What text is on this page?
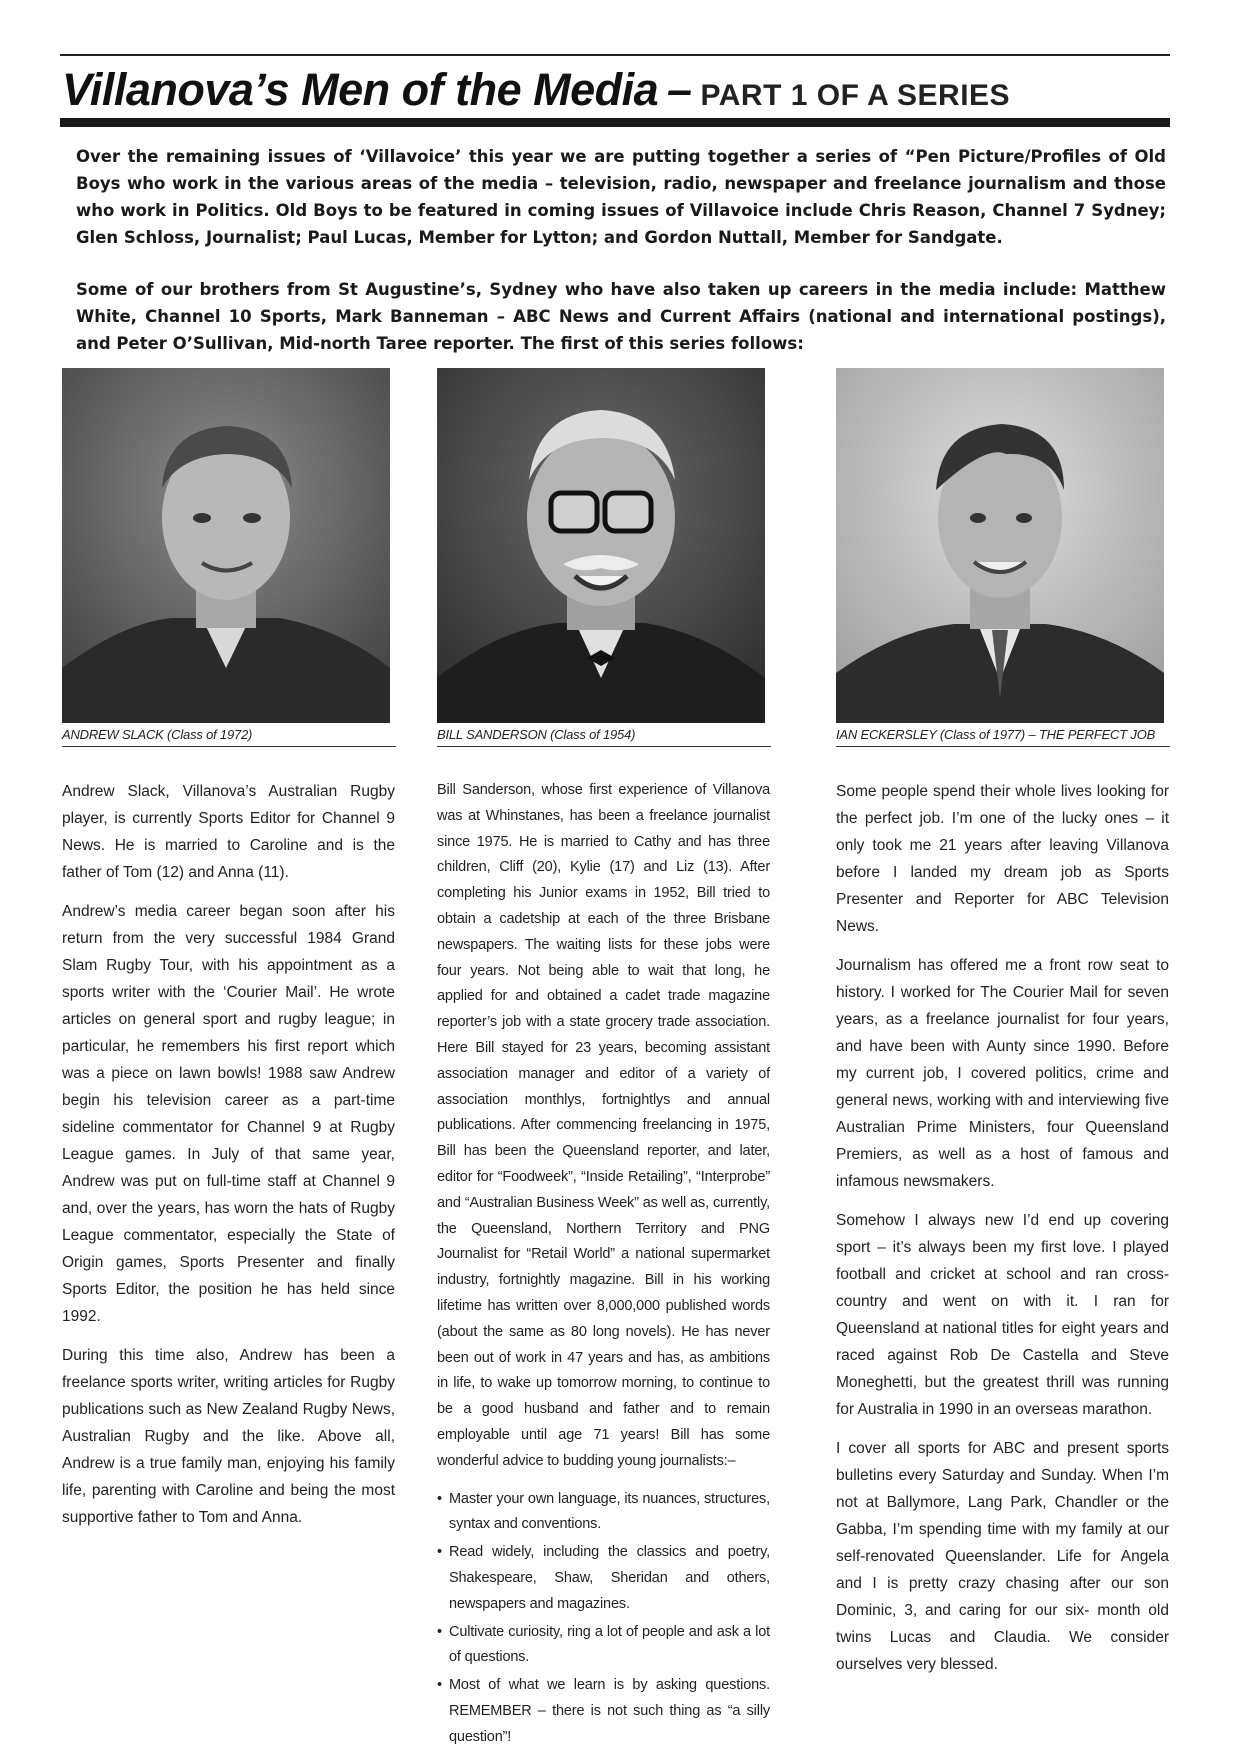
Villanova’s Men of the Media – PART 1 OF A SERIES

Over the remaining issues of ‘Villavoice’ this year we are putting together a series of “Pen Picture/Profiles of Old Boys who work in the various areas of the media – television, radio, newspaper and freelance journalism and those who work in Politics. Old Boys to be featured in coming issues of Villavoice include Chris Reason, Channel 7 Sydney; Glen Schloss, Journalist; Paul Lucas, Member for Lytton; and Gordon Nuttall, Member for Sandgate.

Some of our brothers from St Augustine’s, Sydney who have also taken up careers in the media include: Matthew White, Channel 10 Sports, Mark Banneman – ABC News and Current Affairs (national and international postings), and Peter O’Sullivan, Mid-north Taree reporter. The first of this series follows:

ANDREW SLACK (Class of 1972)	BILL SANDERSON (Class of 1954)	IAN ECKERSLEY (Class of 1977) – THE PERFECT JOB

Andrew Slack, Villanova’s Australian Rugby player, is currently Sports Editor for Channel 9 News. He is married to Caroline and is the father of Tom (12) and Anna (11).

Andrew’s media career began soon after his return from the very successful 1984 Grand Slam Rugby Tour, with his appointment as a sports writer with the ‘Courier Mail’. He wrote articles on general sport and rugby league; in particular, he remembers his first report which was a piece on lawn bowls! 1988 saw Andrew begin his television career as a part-time sideline commentator for Channel 9 at Rugby League games. In July of that same year, Andrew was put on full-time staff at Channel 9 and, over the years, has worn the hats of Rugby League commentator, especially the State of Origin games, Sports Presenter and finally Sports Editor, the position he has held since 1992.

During this time also, Andrew has been a freelance sports writer, writing articles for Rugby publications such as New Zealand Rugby News, Australian Rugby and the like. Above all, Andrew is a true family man, enjoying his family life, parenting with Caroline and being the most supportive father to Tom and Anna.

Bill Sanderson, whose first experience of Villanova was at Whinstanes, has been a freelance journalist since 1975. He is married to Cathy and has three children, Cliff (20), Kylie (17) and Liz (13). After completing his Junior exams in 1952, Bill tried to obtain a cadetship at each of the three Brisbane newspapers. The waiting lists for these jobs were four years. Not being able to wait that long, he applied for and obtained a cadet trade magazine reporter’s job with a state grocery trade association. Here Bill stayed for 23 years, becoming assistant association manager and editor of a variety of association monthlys, fortnightlys and annual publications. After commencing freelancing in 1975, Bill has been the Queensland reporter, and later, editor for “Foodweek”, “Inside Retailing”, “Interprobe” and “Australian Business Week” as well as, currently, the Queensland, Northern Territory and PNG Journalist for “Retail World” a national supermarket industry, fortnightly magazine. Bill in his working lifetime has written over 8,000,000 published words (about the same as 80 long novels). He has never been out of work in 47 years and has, as ambitions in life, to wake up tomorrow morning, to continue to be a good husband and father and to remain employable until age 71 years! Bill has some wonderful advice to budding young journalists:–

• Master your own language, its nuances, structures, syntax and conventions.
• Read widely, including the classics and poetry, Shakespeare, Shaw, Sheridan and others, newspapers and magazines.
• Cultivate curiosity, ring a lot of people and ask a lot of questions.
• Most of what we learn is by asking questions. REMEMBER – there is not such thing as “a silly question”!

Some people spend their whole lives looking for the perfect job. I’m one of the lucky ones – it only took me 21 years after leaving Villanova before I landed my dream job as Sports Presenter and Reporter for ABC Television News.

Journalism has offered me a front row seat to history. I worked for The Courier Mail for seven years, as a freelance journalist for four years, and have been with Aunty since 1990. Before my current job, I covered politics, crime and general news, working with and interviewing five Australian Prime Ministers, four Queensland Premiers, as well as a host of famous and infamous newsmakers.

Somehow I always new I’d end up covering sport – it’s always been my first love. I played football and cricket at school and ran cross-country and went on with it. I ran for Queensland at national titles for eight years and raced against Rob De Castella and Steve Moneghetti, but the greatest thrill was running for Australia in 1990 in an overseas marathon.

I cover all sports for ABC and present sports bulletins every Saturday and Sunday. When I’m not at Ballymore, Lang Park, Chandler or the Gabba, I’m spending time with my family at our self-renovated Queenslander. Life for Angela and I is pretty crazy chasing after our son Dominic, 3, and caring for our six- month old twins Lucas and Claudia. We consider ourselves very blessed.
